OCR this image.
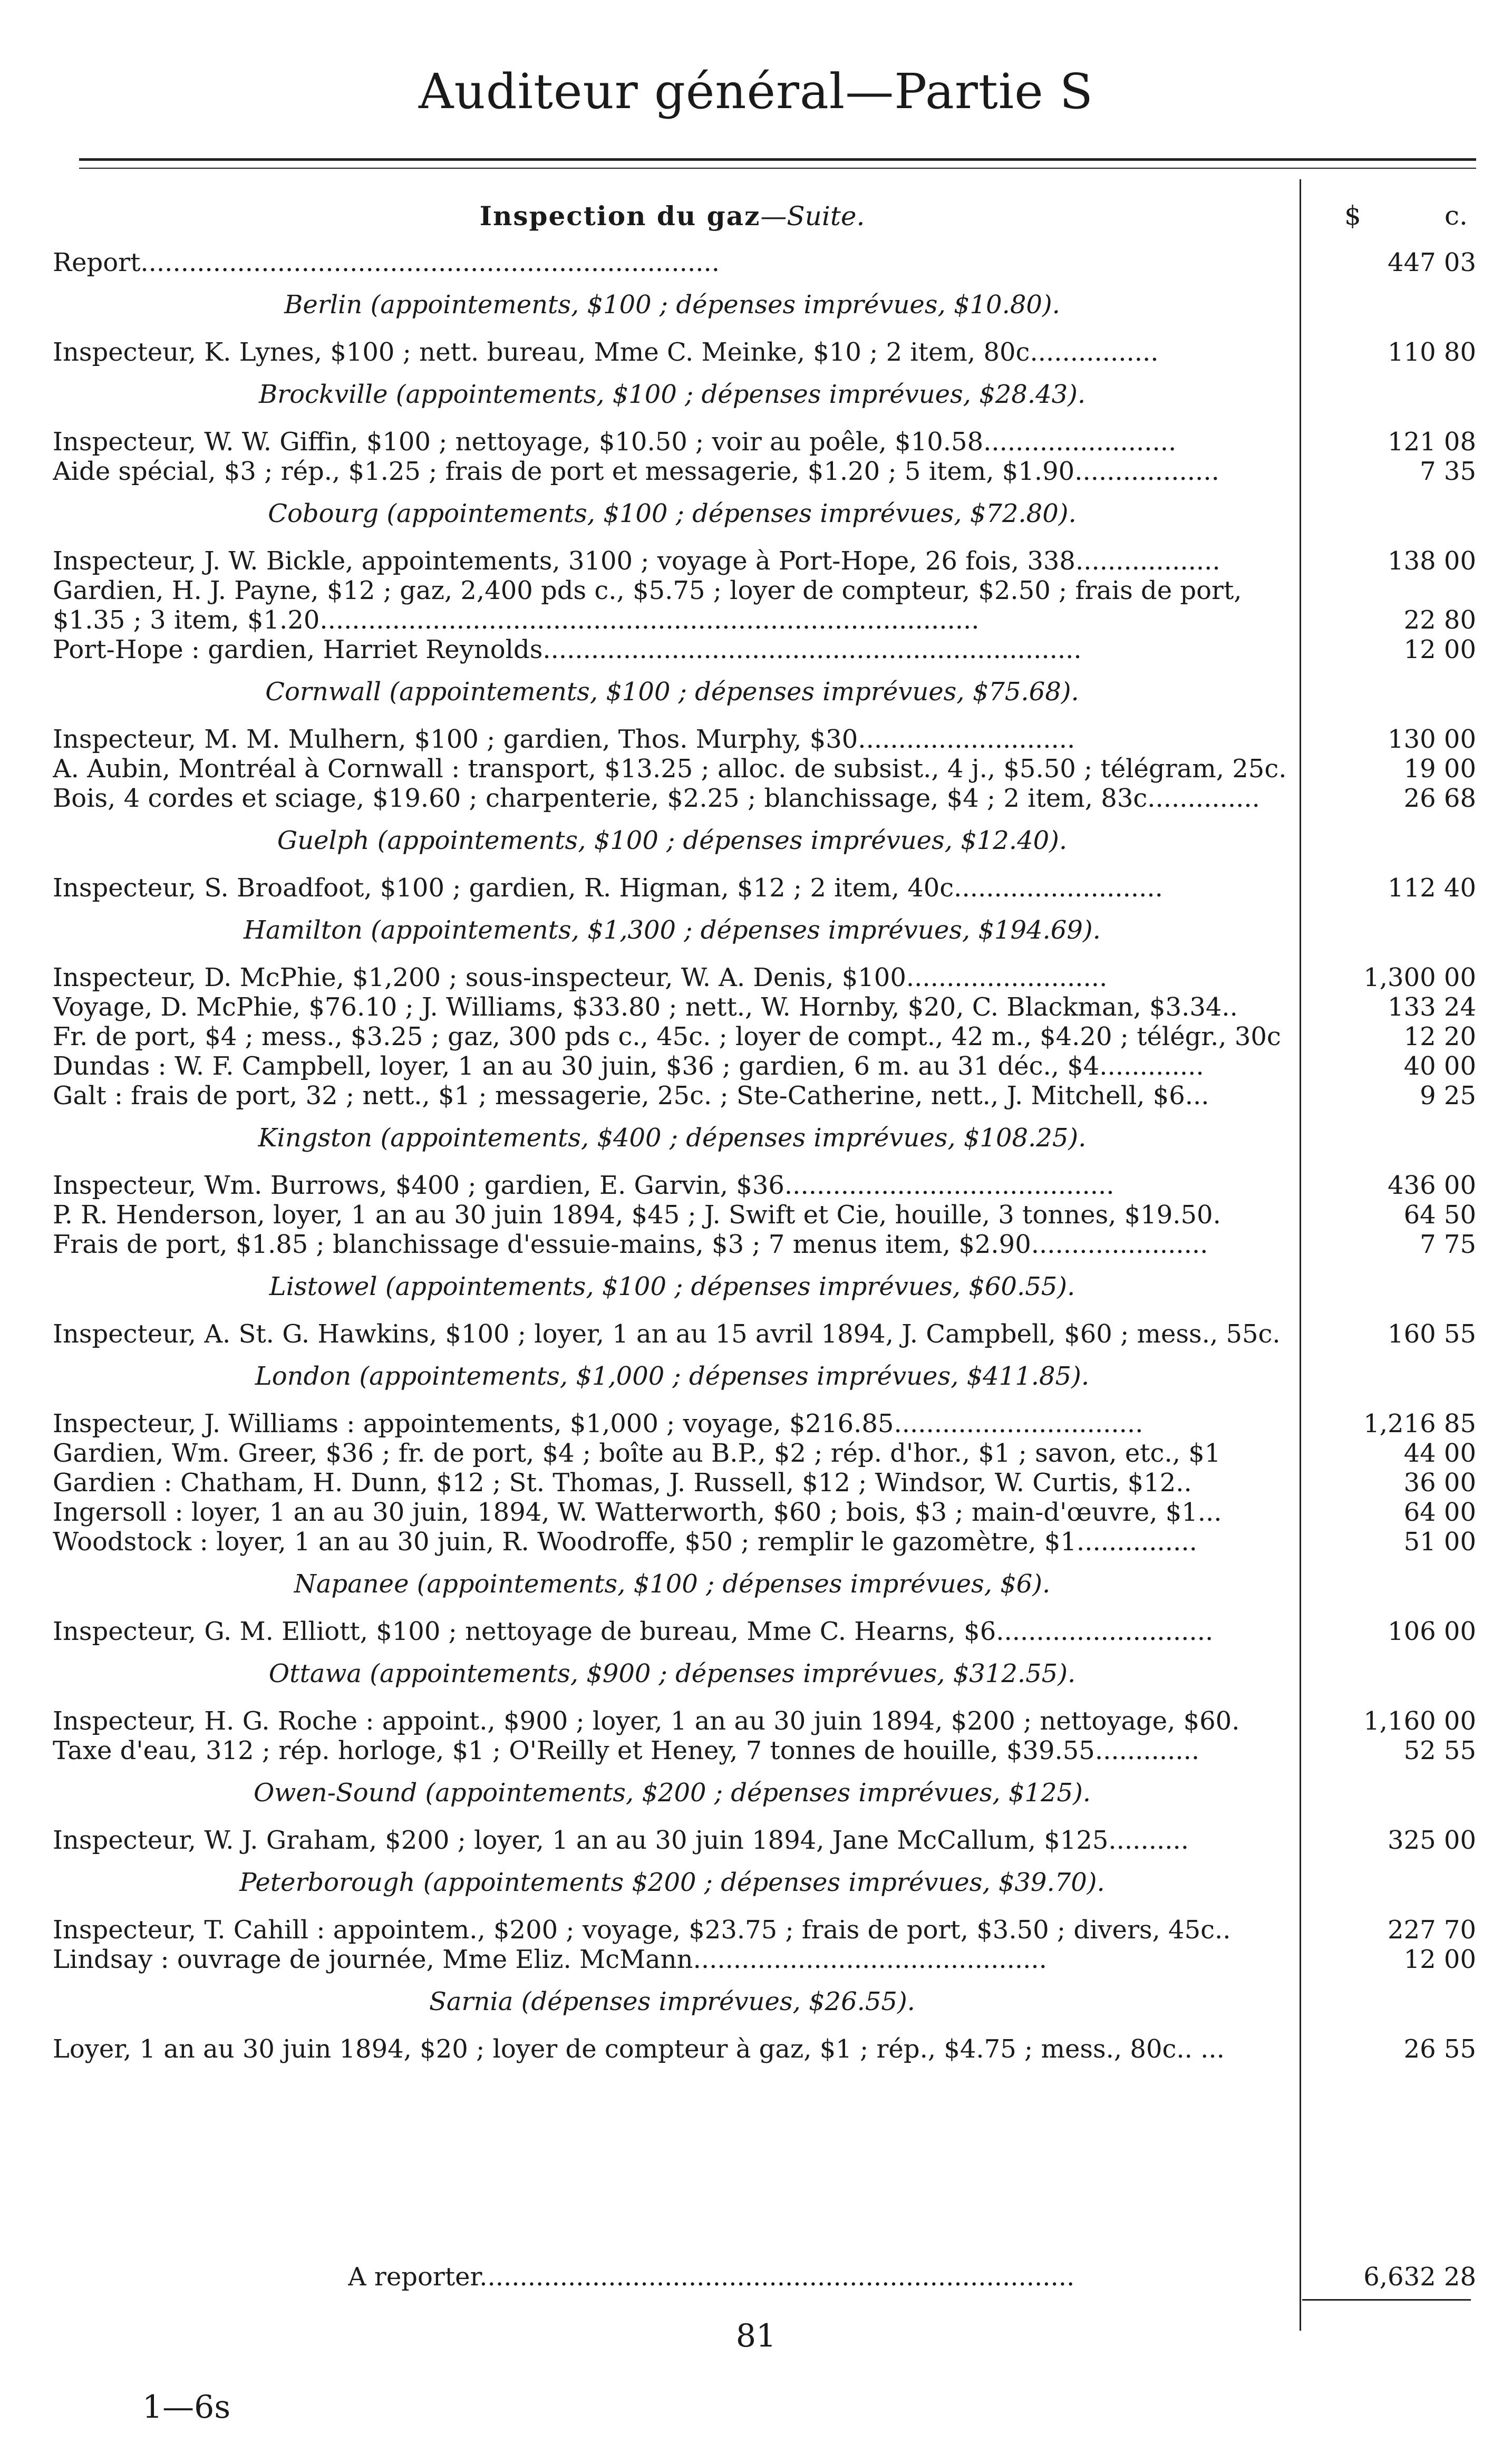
Auditeur général—Partie S
Inspection du gaz—Suite.	$	c.
Report........................................................................	447 03
Berlin (appointements, $100 ; dépenses imprévues, $10.80).
Inspecteur, K. Lynes, $100 ; nett. bureau, Mme C. Meinke, $10 ; 2 item, 80c................	110 80
Brockville (appointements, $100 ; dépenses imprévues, $28.43).
Inspecteur, W. W. Giffin, $100 ; nettoyage, $10.50 ; voir au poêle, $10.58........................	121 08
Aide spécial, $3 ; rép., $1.25 ; frais de port et messagerie, $1.20 ; 5 item, $1.90..................	7 35
Cobourg (appointements, $100 ; dépenses imprévues, $72.80).
Inspecteur, J. W. Bickle, appointements, 3100 ; voyage à Port-Hope, 26 fois, 338..................	138 00
Gardien, H. J. Payne, $12 ; gaz, 2,400 pds c., $5.75 ; loyer de compteur, $2.50 ; frais de port,
$1.35 ; 3 item, $1.20..................................................................................	22 80
Port-Hope : gardien, Harriet Reynolds...................................................................	12 00
Cornwall (appointements, $100 ; dépenses imprévues, $75.68).
Inspecteur, M. M. Mulhern, $100 ; gardien, Thos. Murphy, $30...........................	130 00
A. Aubin, Montréal à Cornwall : transport, $13.25 ; alloc. de subsist., 4 j., $5.50 ; télégram, 25c.	19 00
Bois, 4 cordes et sciage, $19.60 ; charpenterie, $2.25 ; blanchissage, $4 ; 2 item, 83c..............	26 68
Guelph (appointements, $100 ; dépenses imprévues, $12.40).
Inspecteur, S. Broadfoot, $100 ; gardien, R. Higman, $12 ; 2 item, 40c..........................	112 40
Hamilton (appointements, $1,300 ; dépenses imprévues, $194.69).
Inspecteur, D. McPhie, $1,200 ; sous-inspecteur, W. A. Denis, $100.........................	1,300 00
Voyage, D. McPhie, $76.10 ; J. Williams, $33.80 ; nett., W. Hornby, $20, C. Blackman, $3.34..	133 24
Fr. de port, $4 ; mess., $3.25 ; gaz, 300 pds c., 45c. ; loyer de compt., 42 m., $4.20 ; télégr., 30c	12 20
Dundas : W. F. Campbell, loyer, 1 an au 30 juin, $36 ; gardien, 6 m. au 31 déc., $4.............	40 00
Galt : frais de port, 32 ; nett., $1 ; messagerie, 25c. ; Ste-Catherine, nett., J. Mitchell, $6...	9 25
Kingston (appointements, $400 ; dépenses imprévues, $108.25).
Inspecteur, Wm. Burrows, $400 ; gardien, E. Garvin, $36.........................................	436 00
P. R. Henderson, loyer, 1 an au 30 juin 1894, $45 ; J. Swift et Cie, houille, 3 tonnes, $19.50.	64 50
Frais de port, $1.85 ; blanchissage d'essuie-mains, $3 ; 7 menus item, $2.90......................	7 75
Listowel (appointements, $100 ; dépenses imprévues, $60.55).
Inspecteur, A. St. G. Hawkins, $100 ; loyer, 1 an au 15 avril 1894, J. Campbell, $60 ; mess., 55c.	160 55
London (appointements, $1,000 ; dépenses imprévues, $411.85).
Inspecteur, J. Williams : appointements, $1,000 ; voyage, $216.85...............................	1,216 85
Gardien, Wm. Greer, $36 ; fr. de port, $4 ; boîte au B.P., $2 ; rép. d'hor., $1 ; savon, etc., $1	44 00
Gardien : Chatham, H. Dunn, $12 ; St. Thomas, J. Russell, $12 ; Windsor, W. Curtis, $12..	36 00
Ingersoll : loyer, 1 an au 30 juin, 1894, W. Watterworth, $60 ; bois, $3 ; main-d'œuvre, $1...	64 00
Woodstock : loyer, 1 an au 30 juin, R. Woodroffe, $50 ; remplir le gazomètre, $1...............	51 00
Napanee (appointements, $100 ; dépenses imprévues, $6).
Inspecteur, G. M. Elliott, $100 ; nettoyage de bureau, Mme C. Hearns, $6...........................	106 00
Ottawa (appointements, $900 ; dépenses imprévues, $312.55).
Inspecteur, H. G. Roche : appoint., $900 ; loyer, 1 an au 30 juin 1894, $200 ; nettoyage, $60.	1,160 00
Taxe d'eau, 312 ; rép. horloge, $1 ; O'Reilly et Heney, 7 tonnes de houille, $39.55.............	52 55
Owen-Sound (appointements, $200 ; dépenses imprévues, $125).
Inspecteur, W. J. Graham, $200 ; loyer, 1 an au 30 juin 1894, Jane McCallum, $125..........	325 00
Peterborough (appointements $200 ; dépenses imprévues, $39.70).
Inspecteur, T. Cahill : appointem., $200 ; voyage, $23.75 ; frais de port, $3.50 ; divers, 45c..	227 70
Lindsay : ouvrage de journée, Mme Eliz. McMann............................................	12 00
Sarnia (dépenses imprévues, $26.55).
Loyer, 1 an au 30 juin 1894, $20 ; loyer de compteur à gaz, $1 ; rép., $4.75 ; mess., 80c.. ...	26 55
A reporter..........................................................................	6,632 28
81
1—6s
